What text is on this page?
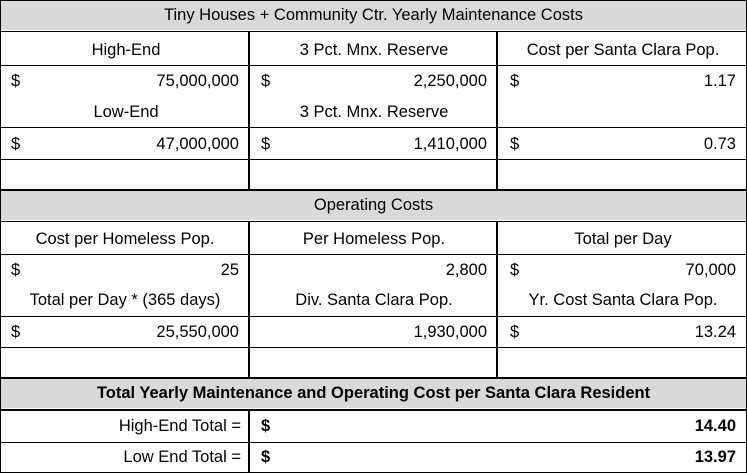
Tiny Houses + Community Ctr. Yearly Maintenance Costs
High-End	3 Pct. Mnx. Reserve	Cost per Santa Clara Pop.
$	75,000,000 $	2,250,000 $	1.17
Low-End	3 Pct. Mnx. Reserve
$	47,000,000 $	1,410,000 $	0.73
Operating Costs
Cost per Homeless Pop.	Per Homeless Pop.	Total per Day
$	25	2,800 $	70,000
Total per Day * (365 days)	Div. Santa Clara Pop.	Yr. Cost Santa Clara Pop.
$	25,550,000	1,930,000 $	13.24
Total Yearly Maintenance and Operating Cost per Santa Clara Resident
High-End Total = $	14.40
Low End Total = $	13.97
